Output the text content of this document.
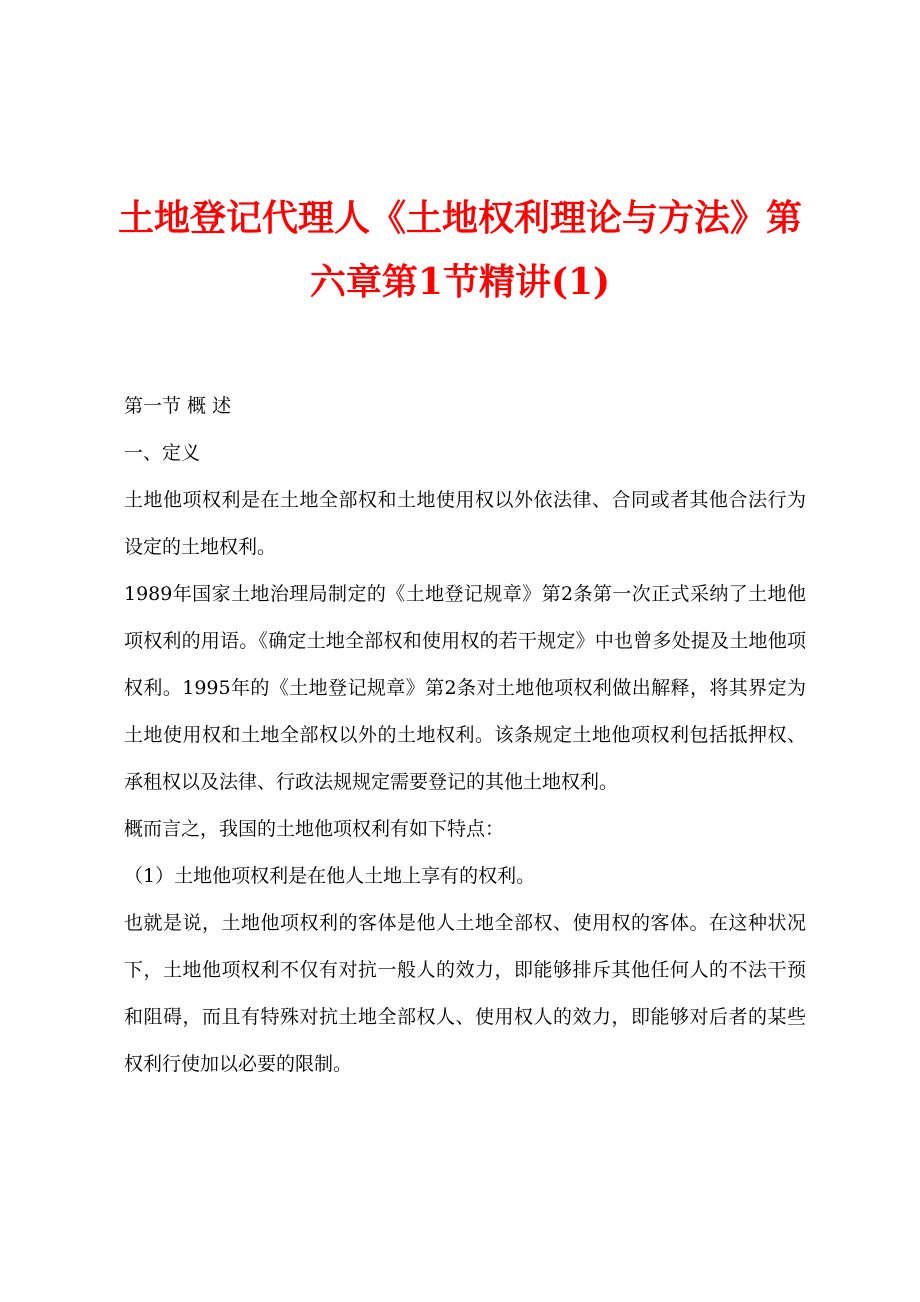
土地登记代理人《土地权利理论与方法》第六章第1节精讲(1)

第一节 概 述

一、定义

土地他项权利是在土地全部权和土地使用权以外依法律、合同或者其他合法行为设定的土地权利。

1989年国家土地治理局制定的《土地登记规章》第2条第一次正式采纳了土地他项权利的用语。《确定土地全部权和使用权的若干规定》中也曾多处提及土地他项权利。1995年的《土地登记规章》第2条对土地他项权利做出解释，将其界定为土地使用权和土地全部权以外的土地权利。该条规定土地他项权利包括抵押权、承租权以及法律、行政法规规定需要登记的其他土地权利。

概而言之，我国的土地他项权利有如下特点：

（1）土地他项权利是在他人土地上享有的权利。

也就是说，土地他项权利的客体是他人土地全部权、使用权的客体。在这种状况下，土地他项权利不仅有对抗一般人的效力，即能够排斥其他任何人的不法干预和阻碍，而且有特殊对抗土地全部权人、使用权人的效力，即能够对后者的某些权利行使加以必要的限制。
